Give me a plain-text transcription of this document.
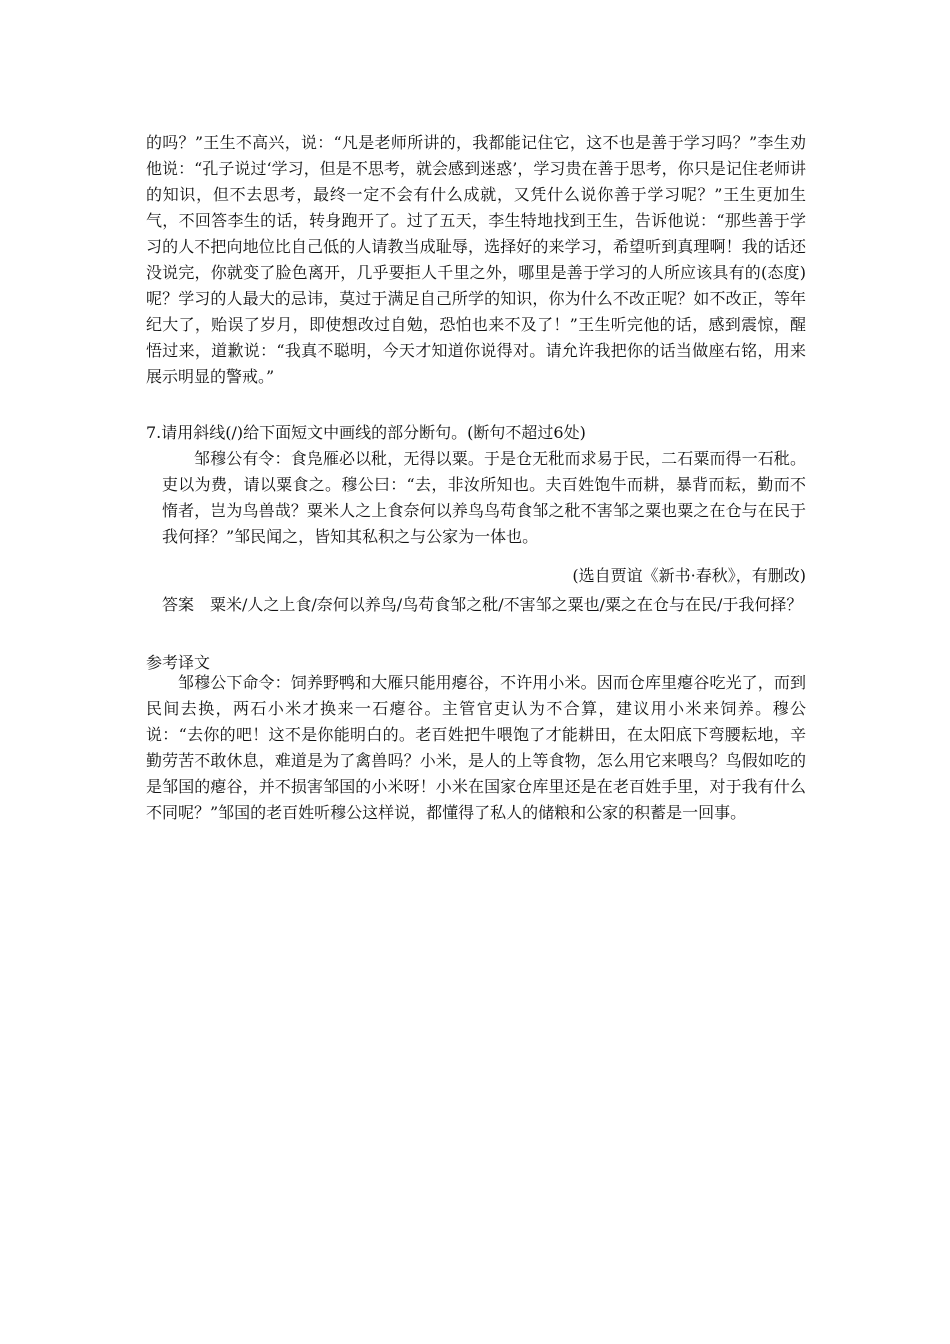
的吗？”王生不高兴，说：“凡是老师所讲的，我都能记住它，这不也是善于学习吗？”李生劝他说：“孔子说过‘学习，但是不思考，就会感到迷惑’，学习贵在善于思考，你只是记住老师讲的知识，但不去思考，最终一定不会有什么成就，又凭什么说你善于学习呢？”王生更加生气，不回答李生的话，转身跑开了。过了五天，李生特地找到王生，告诉他说：“那些善于学习的人不把向地位比自己低的人请教当成耻辱，选择好的来学习，希望听到真理啊！我的话还没说完，你就变了脸色离开，几乎要拒人千里之外，哪里是善于学习的人所应该具有的(态度)呢？学习的人最大的忌讳，莫过于满足自己所学的知识，你为什么不改正呢？如不改正，等年纪大了，贻误了岁月，即使想改过自勉，恐怕也来不及了！”王生听完他的话，感到震惊，醒悟过来，道歉说：“我真不聪明，今天才知道你说得对。请允许我把你的话当做座右铭，用来展示明显的警戒。”

7.请用斜线(/)给下面短文中画线的部分断句。(断句不超过6处)

邹穆公有令：食凫雁必以秕，无得以粟。于是仓无秕而求易于民，二石粟而得一石秕。吏以为费，请以粟食之。穆公曰：“去，非汝所知也。夫百姓饱牛而耕，暴背而耘，勤而不惰者，岂为鸟兽哉？粟米人之上食奈何以养鸟鸟苟食邹之秕不害邹之粟也粟之在仓与在民于我何择？”邹民闻之，皆知其私积之与公家为一体也。

(选自贾谊《新书·春秋》，有删改)

答案 粟米/人之上食/奈何以养鸟/鸟苟食邹之秕/不害邹之粟也/粟之在仓与在民/于我何择？

参考译文

邹穆公下命令：饲养野鸭和大雁只能用瘪谷，不许用小米。因而仓库里瘪谷吃光了，而到民间去换，两石小米才换来一石瘪谷。主管官吏认为不合算，建议用小米来饲养。穆公说：“去你的吧！这不是你能明白的。老百姓把牛喂饱了才能耕田，在太阳底下弯腰耘地，辛勤劳苦不敢休息，难道是为了禽兽吗？小米，是人的上等食物，怎么用它来喂鸟？鸟假如吃的是邹国的瘪谷，并不损害邹国的小米呀！小米在国家仓库里还是在老百姓手里，对于我有什么不同呢？”邹国的老百姓听穆公这样说，都懂得了私人的储粮和公家的积蓄是一回事。
